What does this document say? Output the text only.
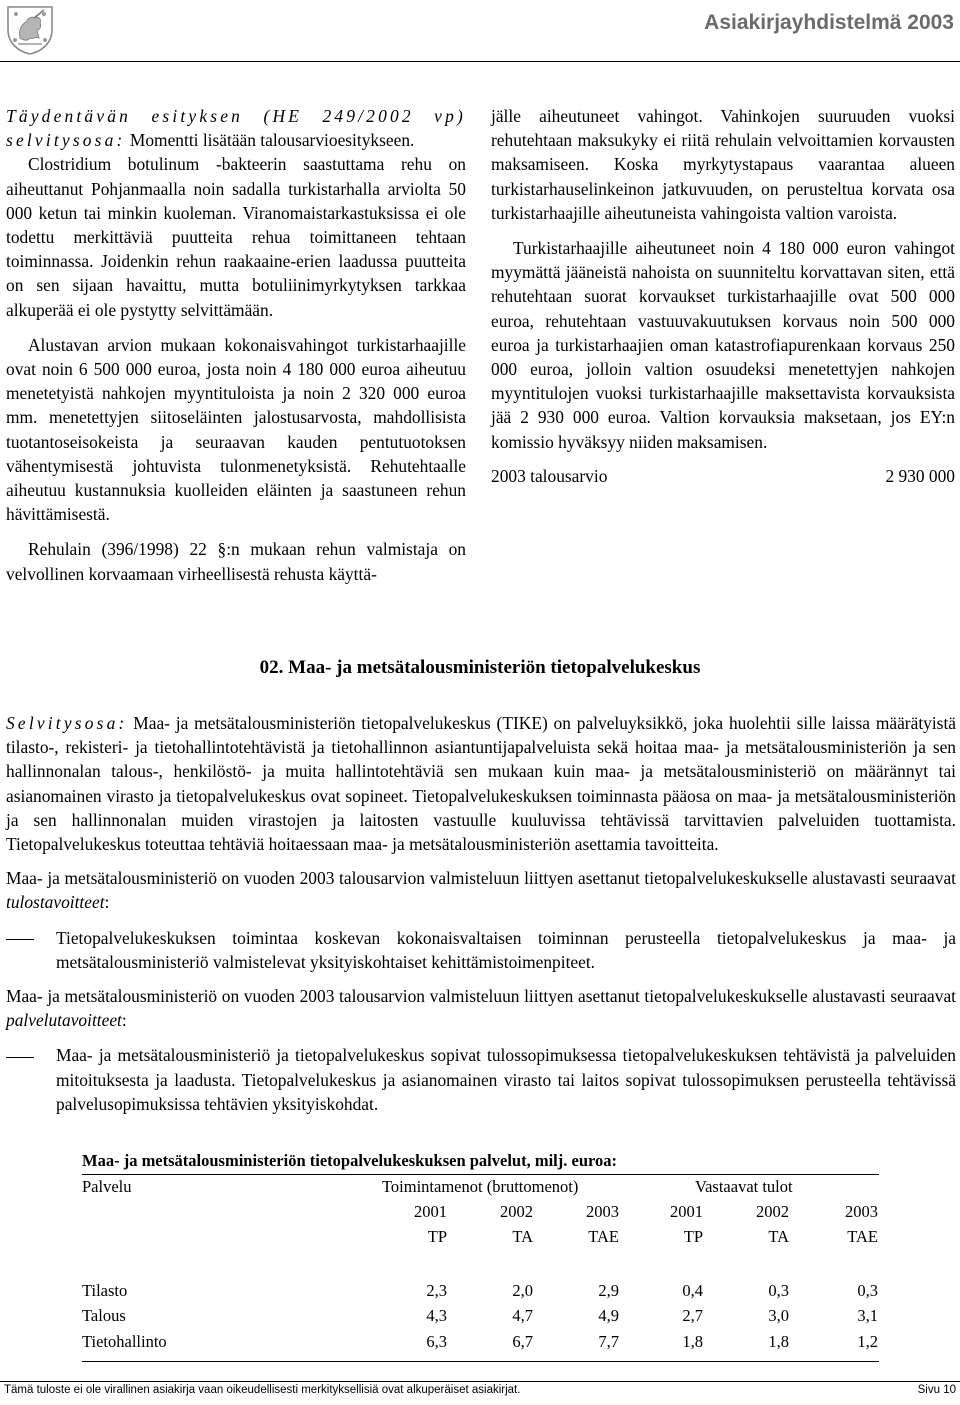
Asiakirjayhdistelmä 2003

Täydentävän esityksen (HE 249/2002 vp) selvitysosa: Momentti lisätään talousarvioesitykseen.

Clostridium botulinum -bakteerin saastuttama rehu on aiheuttanut Pohjanmaalla noin sadalla turkistarhalla arviolta 50 000 ketun tai minkin kuoleman. Viranomaistarkastuksissa ei ole todettu merkittäviä puutteita rehua toimittaneen tehtaan toiminnassa. Joidenkin rehun raakaaine-erien laadussa puutteita on sen sijaan havaittu, mutta botuliinimyrkytyksen tarkkaa alkuperää ei ole pystytty selvittämään.

Alustavan arvion mukaan kokonaisvahingot turkistarhaajille ovat noin 6 500 000 euroa, josta noin 4 180 000 euroa aiheutuu menetetyistä nahkojen myyntituloista ja noin 2 320 000 euroa mm. menetettyjen siitoseläinten jalostusarvosta, mahdollisista tuotantoseisokeista ja seuraavan kauden pentutuotoksen vähentymisestä johtuvista tulonmenetyksistä. Rehutehtaalle aiheutuu kustannuksia kuolleiden eläinten ja saastuneen rehun hävittämisestä.

Rehulain (396/1998) 22 §:n mukaan rehun valmistaja on velvollinen korvaamaan virheellisestä rehusta käyttä-

jälle aiheutuneet vahingot. Vahinkojen suuruuden vuoksi rehutehtaan maksukyky ei riitä rehulain velvoittamien korvausten maksamiseen. Koska myrkytystapaus vaarantaa alueen turkistarhauselinkeinon jatkuvuuden, on perusteltua korvata osa turkistarhaajille aiheutuneista vahingoista valtion varoista.

Turkistarhaajille aiheutuneet noin 4 180 000 euron vahingot myymättä jääneistä nahoista on suunniteltu korvattavan siten, että rehutehtaan suorat korvaukset turkistarhaajille ovat 500 000 euroa, rehutehtaan vastuuvakuutuksen korvaus noin 500 000 euroa ja turkistarhaajien oman katastrofiapurenkaan korvaus 250 000 euroa, jolloin valtion osuudeksi menetettyjen nahkojen myyntitulojen vuoksi turkistarhaajille maksettavista korvauksista jää 2 930 000 euroa. Valtion korvauksia maksetaan, jos EY:n komissio hyväksyy niiden maksamisen.

2003 talousarvio	2 930 000
02. Maa- ja metsätalousministeriön tietopalvelukeskus

Selvitysosa: Maa- ja metsätalousministeriön tietopalvelukeskus (TIKE) on palveluyksikkö, joka huolehtii sille laissa määrätyistä tilasto-, rekisteri- ja tietohallintotehtävistä ja tietohallinnon asiantuntijapalveluista sekä hoitaa maa- ja metsätalousministeriön ja sen hallinnonalan talous-, henkilöstö- ja muita hallintotehtäviä sen mukaan kuin maa- ja metsätalousministeriö on määrännyt tai asianomainen virasto ja tietopalvelukeskus ovat sopineet. Tietopalvelukeskuksen toiminnasta pääosa on maa- ja metsätalousministeriön ja sen hallinnonalan muiden virastojen ja laitosten vastuulle kuuluvissa tehtävissä tarvittavien palveluiden tuottamista. Tietopalvelukeskus toteuttaa tehtäviä hoitaessaan maa- ja metsätalousministeriön asettamia tavoitteita.

Maa- ja metsätalousministeriö on vuoden 2003 talousarvion valmisteluun liittyen asettanut tietopalvelukeskukselle alustavasti seuraavat tulostavoitteet:

Tietopalvelukeskuksen toimintaa koskevan kokonaisvaltaisen toiminnan perusteella tietopalvelukeskus ja maa- ja metsätalousministeriö valmistelevat yksityiskohtaiset kehittämistoimenpiteet.

Maa- ja metsätalousministeriö on vuoden 2003 talousarvion valmisteluun liittyen asettanut tietopalvelukeskukselle alustavasti seuraavat palvelutavoitteet:

Maa- ja metsätalousministeriö ja tietopalvelukeskus sopivat tulossopimuksessa tietopalvelukeskuksen tehtävistä ja palveluiden mitoituksesta ja laadusta. Tietopalvelukeskus ja asianomainen virasto tai laitos sopivat tulossopimuksen perusteella tehtävissä palvelusopimuksissa tehtävien yksityiskohdat.
Maa- ja metsätalousministeriön tietopalvelukeskuksen palvelut, milj. euroa:
Palvelu	Toimintamenot (bruttomenot)	Vastaavat tulot
2001	2002	2003	2001	2002	2003
TP	TA	TAE	TP	TA	TAE
Tilasto	2,3	2,0	2,9	0,4	0,3	0,3
Talous	4,3	4,7	4,9	2,7	3,0	3,1
Tietohallinto	6,3	6,7	7,7	1,8	1,8	1,2
Tämä tuloste ei ole virallinen asiakirja vaan oikeudellisesti merkityksellisiä ovat alkuperäiset asiakirjat.	Sivu 10
